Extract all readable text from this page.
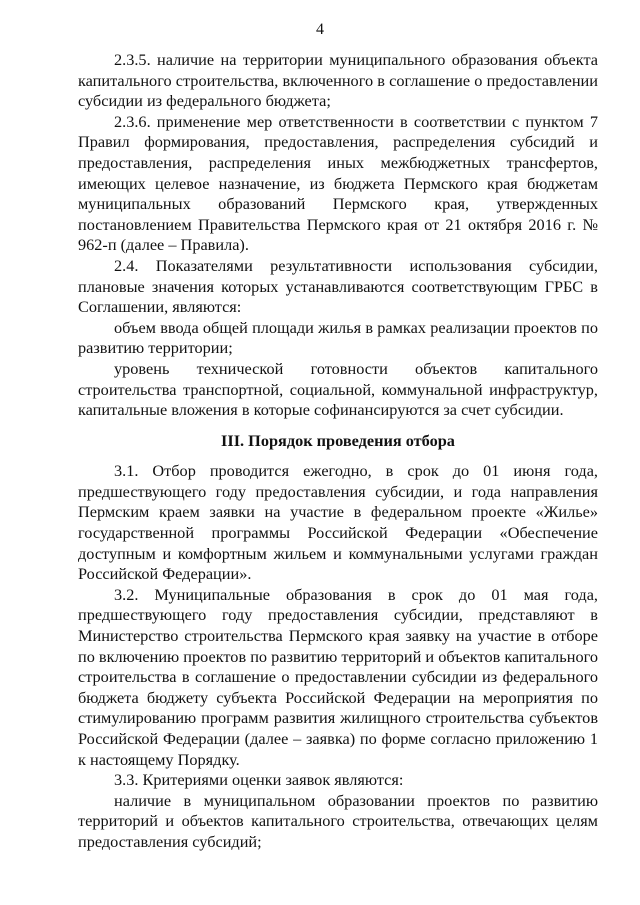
4

2.3.5. наличие на территории муниципального образования объекта капитального строительства, включенного в соглашение о предоставлении субсидии из федерального бюджета;

2.3.6. применение мер ответственности в соответствии с пунктом 7 Правил формирования, предоставления, распределения субсидий и предоставления, распределения иных межбюджетных трансфертов, имеющих целевое назначение, из бюджета Пермского края бюджетам муниципальных образований Пермского края, утвержденных постановлением Правительства Пермского края от 21 октября 2016 г. № 962-п (далее – Правила).

2.4. Показателями результативности использования субсидии, плановые значения которых устанавливаются соответствующим ГРБС в Соглашении, являются:

объем ввода общей площади жилья в рамках реализации проектов по развитию территории;

уровень технической готовности объектов капитального строительства транспортной, социальной, коммунальной инфраструктур, капитальные вложения в которые софинансируются за счет субсидии.

III. Порядок проведения отбора

3.1. Отбор проводится ежегодно, в срок до 01 июня года, предшествующего году предоставления субсидии, и года направления Пермским краем заявки на участие в федеральном проекте «Жилье» государственной программы Российской Федерации «Обеспечение доступным и комфортным жильем и коммунальными услугами граждан Российской Федерации».

3.2. Муниципальные образования в срок до 01 мая года, предшествующего году предоставления субсидии, представляют в Министерство строительства Пермского края заявку на участие в отборе по включению проектов по развитию территорий и объектов капитального строительства в соглашение о предоставлении субсидии из федерального бюджета бюджету субъекта Российской Федерации на мероприятия по стимулированию программ развития жилищного строительства субъектов Российской Федерации (далее – заявка) по форме согласно приложению 1 к настоящему Порядку.

3.3. Критериями оценки заявок являются:

наличие в муниципальном образовании проектов по развитию территорий и объектов капитального строительства, отвечающих целям предоставления субсидий;
